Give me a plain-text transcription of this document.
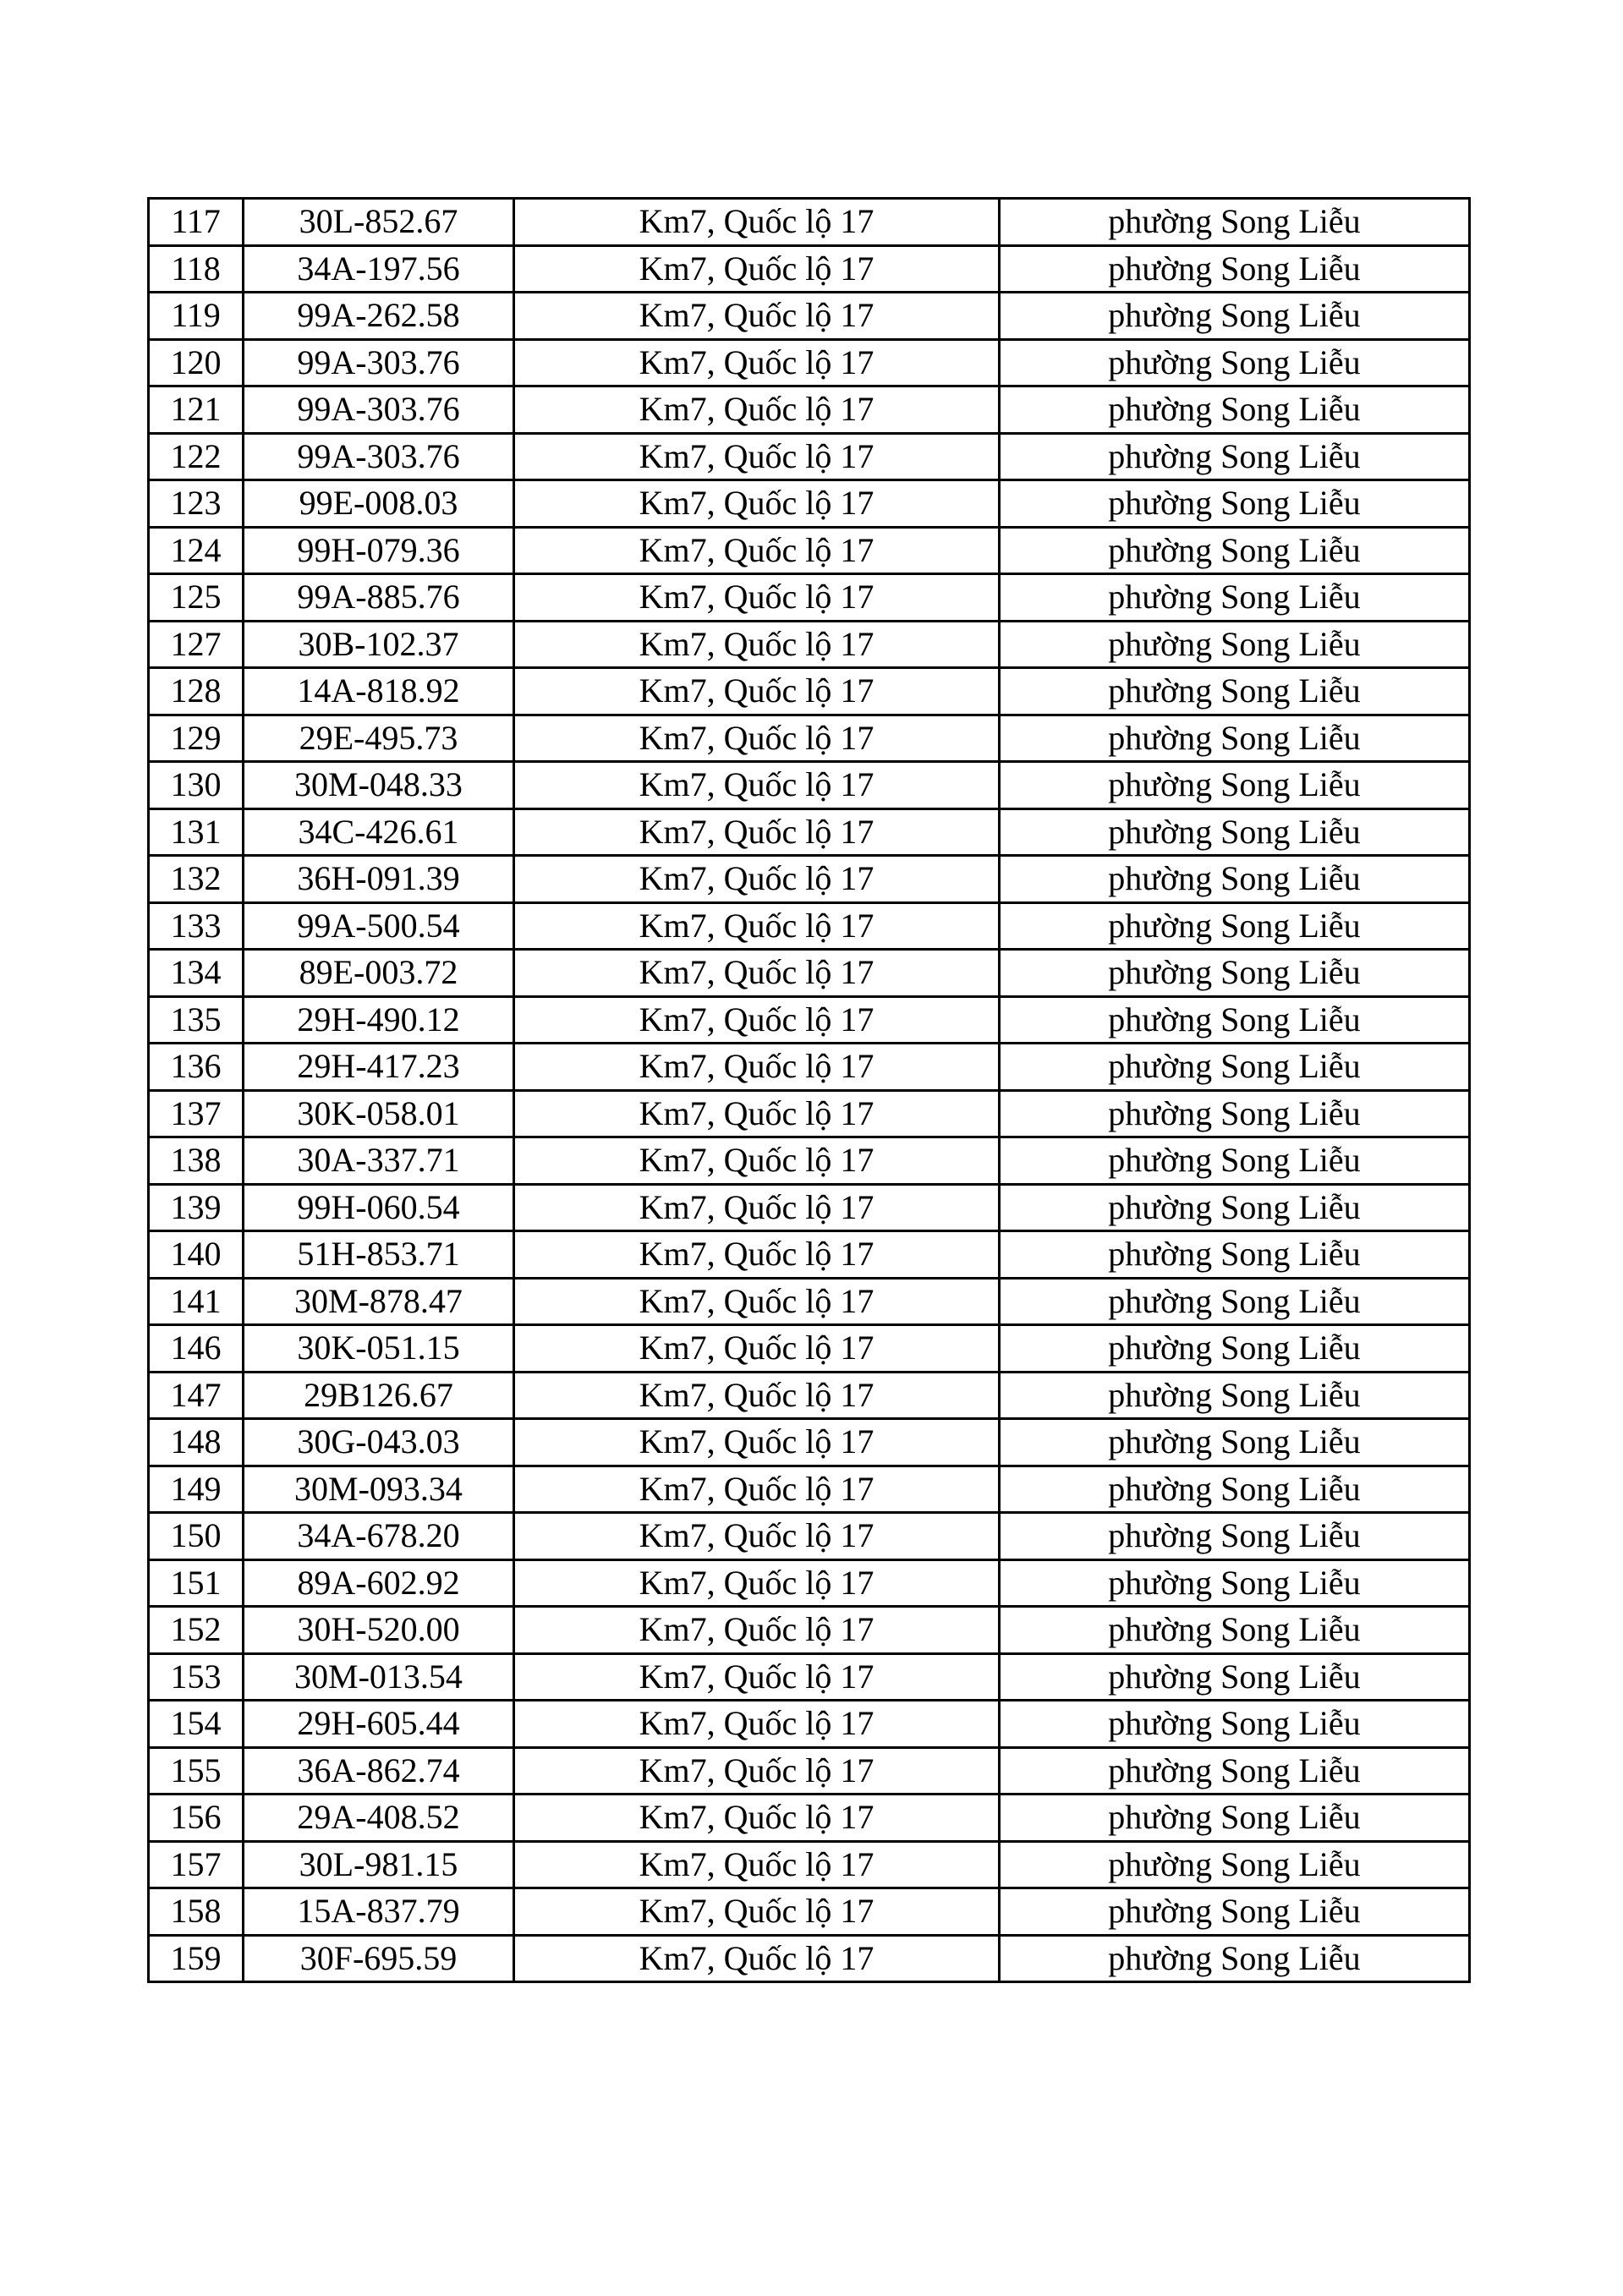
117	30L-852.67	Km7, Quốc lộ 17	phường Song Liễu
118	34A-197.56	Km7, Quốc lộ 17	phường Song Liễu
119	99A-262.58	Km7, Quốc lộ 17	phường Song Liễu
120	99A-303.76	Km7, Quốc lộ 17	phường Song Liễu
121	99A-303.76	Km7, Quốc lộ 17	phường Song Liễu
122	99A-303.76	Km7, Quốc lộ 17	phường Song Liễu
123	99E-008.03	Km7, Quốc lộ 17	phường Song Liễu
124	99H-079.36	Km7, Quốc lộ 17	phường Song Liễu
125	99A-885.76	Km7, Quốc lộ 17	phường Song Liễu
127	30B-102.37	Km7, Quốc lộ 17	phường Song Liễu
128	14A-818.92	Km7, Quốc lộ 17	phường Song Liễu
129	29E-495.73	Km7, Quốc lộ 17	phường Song Liễu
130	30M-048.33	Km7, Quốc lộ 17	phường Song Liễu
131	34C-426.61	Km7, Quốc lộ 17	phường Song Liễu
132	36H-091.39	Km7, Quốc lộ 17	phường Song Liễu
133	99A-500.54	Km7, Quốc lộ 17	phường Song Liễu
134	89E-003.72	Km7, Quốc lộ 17	phường Song Liễu
135	29H-490.12	Km7, Quốc lộ 17	phường Song Liễu
136	29H-417.23	Km7, Quốc lộ 17	phường Song Liễu
137	30K-058.01	Km7, Quốc lộ 17	phường Song Liễu
138	30A-337.71	Km7, Quốc lộ 17	phường Song Liễu
139	99H-060.54	Km7, Quốc lộ 17	phường Song Liễu
140	51H-853.71	Km7, Quốc lộ 17	phường Song Liễu
141	30M-878.47	Km7, Quốc lộ 17	phường Song Liễu
146	30K-051.15	Km7, Quốc lộ 17	phường Song Liễu
147	29B126.67	Km7, Quốc lộ 17	phường Song Liễu
148	30G-043.03	Km7, Quốc lộ 17	phường Song Liễu
149	30M-093.34	Km7, Quốc lộ 17	phường Song Liễu
150	34A-678.20	Km7, Quốc lộ 17	phường Song Liễu
151	89A-602.92	Km7, Quốc lộ 17	phường Song Liễu
152	30H-520.00	Km7, Quốc lộ 17	phường Song Liễu
153	30M-013.54	Km7, Quốc lộ 17	phường Song Liễu
154	29H-605.44	Km7, Quốc lộ 17	phường Song Liễu
155	36A-862.74	Km7, Quốc lộ 17	phường Song Liễu
156	29A-408.52	Km7, Quốc lộ 17	phường Song Liễu
157	30L-981.15	Km7, Quốc lộ 17	phường Song Liễu
158	15A-837.79	Km7, Quốc lộ 17	phường Song Liễu
159	30F-695.59	Km7, Quốc lộ 17	phường Song Liễu
